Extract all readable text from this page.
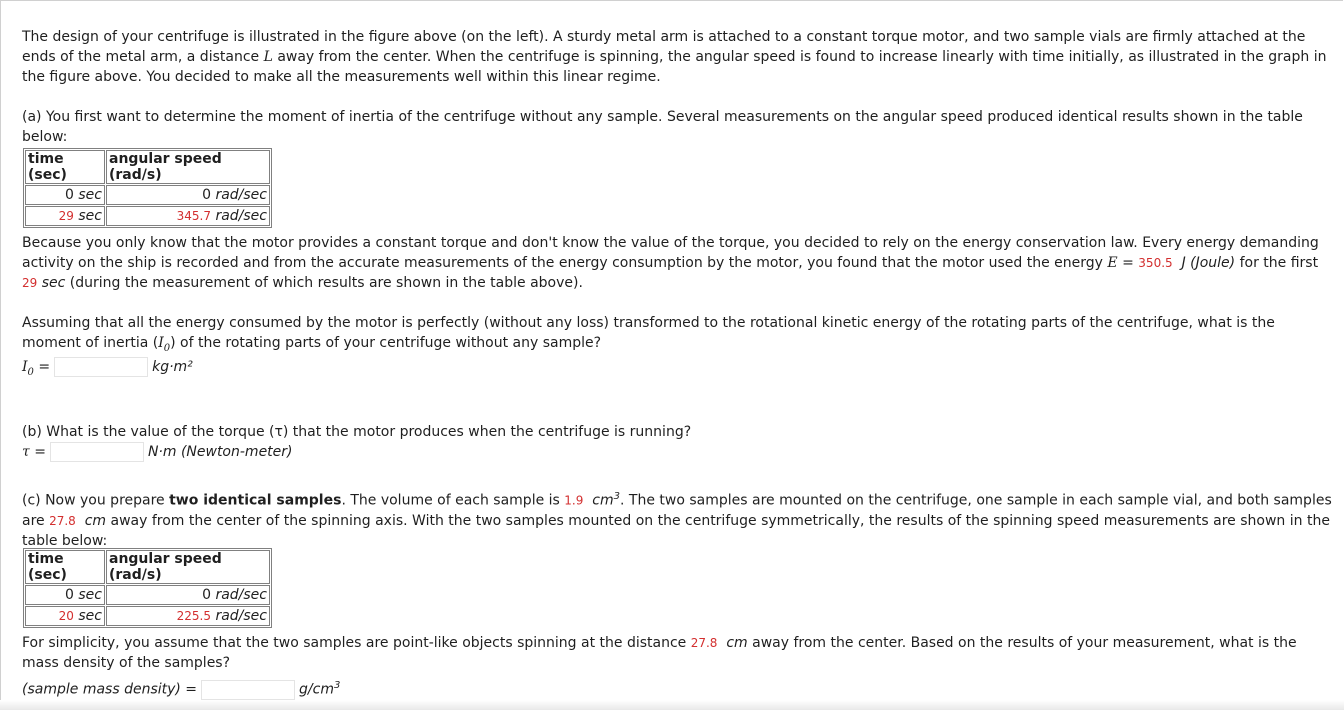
The design of your centrifuge is illustrated in the figure above (on the left). A sturdy metal arm is attached to a constant torque motor, and two sample vials are firmly attached at the ends of the metal arm, a distance L away from the center. When the centrifuge is spinning, the angular speed is found to increase linearly with time initially, as illustrated in the graph in the figure above. You decided to make all the measurements well within this linear regime.

(a) You first want to determine the moment of inertia of the centrifuge without any sample. Several measurements on the angular speed produced identical results shown in the table below:

time (sec)	angular speed (rad/s)
0 sec	0 rad/sec
29 sec	345.7 rad/sec

Because you only know that the motor provides a constant torque and don't know the value of the torque, you decided to rely on the energy conservation law. Every energy demanding activity on the ship is recorded and from the accurate measurements of the energy consumption by the motor, you found that the motor used the energy E = 350.5 J (Joule) for the first 29 sec (during the measurement of which results are shown in the table above).

Assuming that all the energy consumed by the motor is perfectly (without any loss) transformed to the rotational kinetic energy of the rotating parts of the centrifuge, what is the moment of inertia $(I_0)$ of the rotating parts of your centrifuge without any sample?

$I_0$ =	kg·m²

(b) What is the value of the torque (τ) that the motor produces when the centrifuge is running?

τ =	N·m (Newton-meter)

(c) Now you prepare two identical samples. The volume of each sample is 1.9 $cm^3$. The two samples are mounted on the centrifuge, one sample in each sample vial, and both samples are 27.8 cm away from the center of the spinning axis. With the two samples mounted on the centrifuge symmetrically, the results of the spinning speed measurements are shown in the table below:

time (sec)	angular speed (rad/s)
0 sec	0 rad/sec
20 sec	225.5 rad/sec

For simplicity, you assume that the two samples are point-like objects spinning at the distance 27.8 cm away from the center. Based on the results of your measurement, what is the mass density of the samples?

(sample mass density) =	$g/cm^3$
